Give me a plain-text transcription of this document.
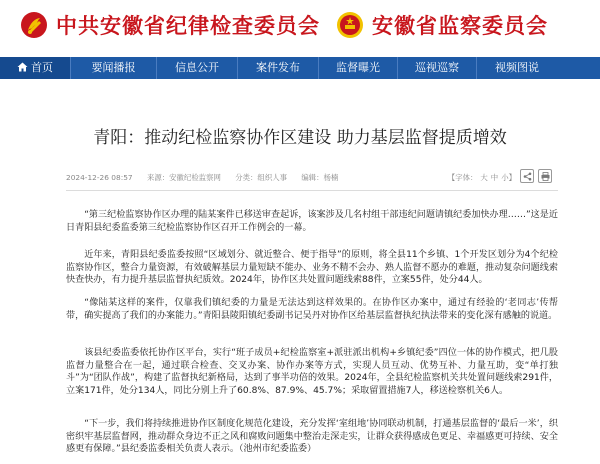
中共安徽省纪律检查委员会 安徽省监察委员会
首页	要闻播报	信息公开	案件发布	监督曝光	巡视巡察	视频图说
青阳：推动纪检监察协作区建设 助力基层监督提质增效
2024-12-26 08:57 来源：安徽纪检监察网 分类：组织人事 编辑：杨楠	【字体： 大 中 小】

“第三纪检监察协作区办理的陆某案件已移送审查起诉，该案涉及几名村组干部违纪问题请镇纪委加快办理……”这是近日青阳县纪委监委第三纪检监察协作区召开工作例会的一幕。

近年来，青阳县纪委监委按照“区域划分、就近整合、便于指导”的原则，将全县11个乡镇、1个开发区划分为4个纪检监察协作区，整合力量资源，有效破解基层力量短缺不能办、业务不精不会办、熟人监督不愿办的难题，推动复杂问题线索快查快办，有力提升基层监督执纪质效。2024年，协作区共处置问题线索88件，立案55件，处分44人。

“像陆某这样的案件，仅靠我们镇纪委的力量是无法达到这样效果的。在协作区办案中，通过有经验的‘老同志’传帮带，确实提高了我们的办案能力。”青阳县陵阳镇纪委副书记吴丹对协作区给基层监督执纪执法带来的变化深有感触的说道。

该县纪委监委依托协作区平台，实行“班子成员+纪检监察室+派驻派出机构+乡镇纪委”四位一体的协作模式，把几股监督力量整合在一起，通过联合检查、交叉办案、协作办案等方式，实现人员互动、优势互补、力量互助，变“单打独斗”为“团队作战”，构建了监督执纪新格局，达到了事半功倍的效果。2024年，全县纪检监察机关共处置问题线索291件，立案171件，处分134人，同比分别上升了60.8%、87.9%、45.7%；采取留置措施7人，移送检察机关6人。

“下一步，我们将持续推进协作区制度化规范化建设，充分发挥‘室组地’协同联动机制，打通基层监督的‘最后一米’，织密织牢基层监督网，推动群众身边不正之风和腐败问题集中整治走深走实，让群众获得感成色更足、幸福感更可持续、安全感更有保障。”县纪委监委相关负责人表示。（池州市纪委监委）
